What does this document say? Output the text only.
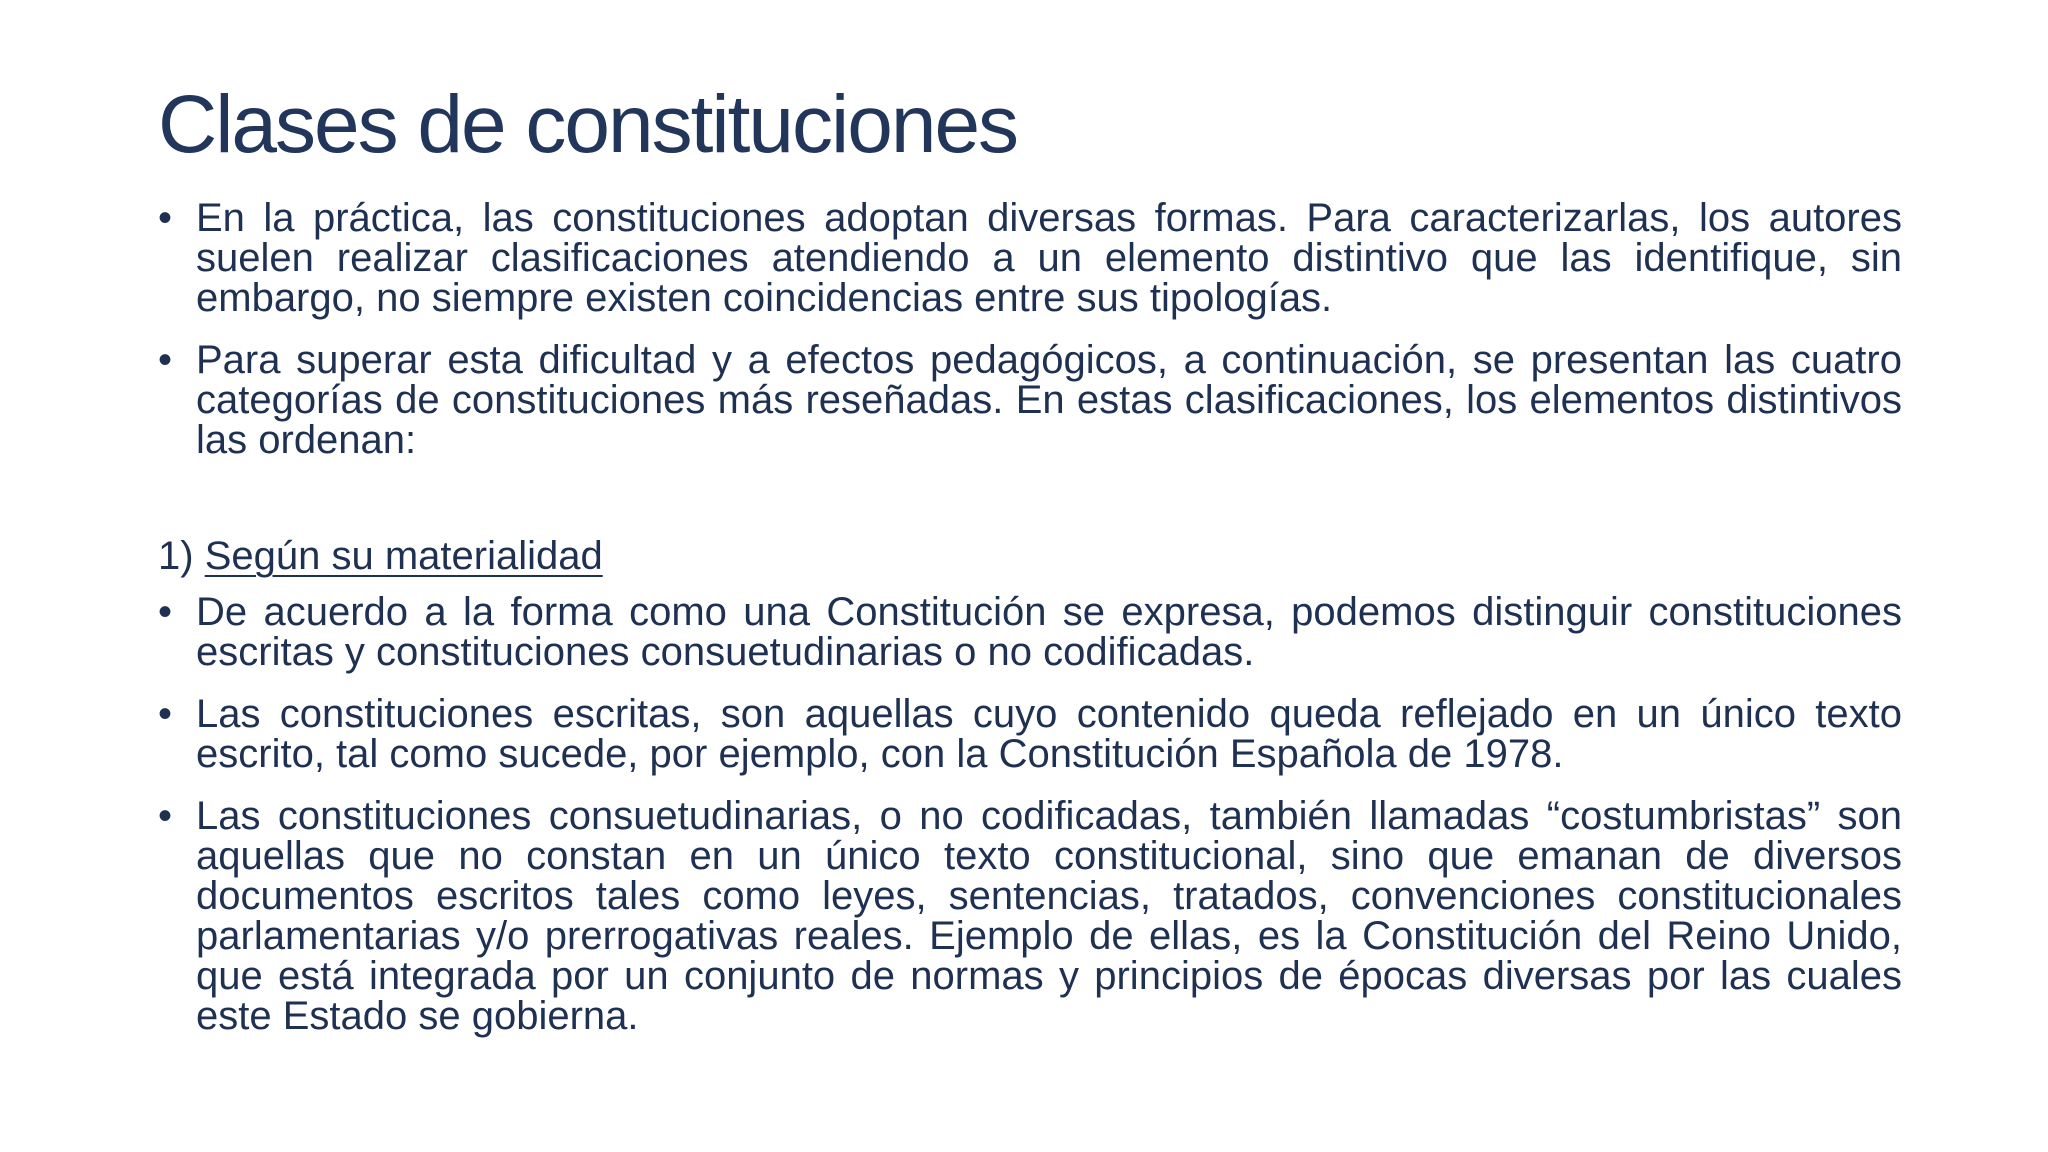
Clases de constituciones
• En la práctica, las constituciones adoptan diversas formas. Para caracterizarlas, los autores suelen realizar clasificaciones atendiendo a un elemento distintivo que las identifique, sin embargo, no siempre existen coincidencias entre sus tipologías.
• Para superar esta dificultad y a efectos pedagógicos, a continuación, se presentan las cuatro categorías de constituciones más reseñadas. En estas clasificaciones, los elementos distintivos las ordenan:
1) Según su materialidad
• De acuerdo a la forma como una Constitución se expresa, podemos distinguir constituciones escritas y constituciones consuetudinarias o no codificadas.
• Las constituciones escritas, son aquellas cuyo contenido queda reflejado en un único texto escrito, tal como sucede, por ejemplo, con la Constitución Española de 1978.
• Las constituciones consuetudinarias, o no codificadas, también llamadas “costumbristas” son aquellas que no constan en un único texto constitucional, sino que emanan de diversos documentos escritos tales como leyes, sentencias, tratados, convenciones constitucionales parlamentarias y/o prerrogativas reales. Ejemplo de ellas, es la Constitución del Reino Unido, que está integrada por un conjunto de normas y principios de épocas diversas por las cuales este Estado se gobierna.
